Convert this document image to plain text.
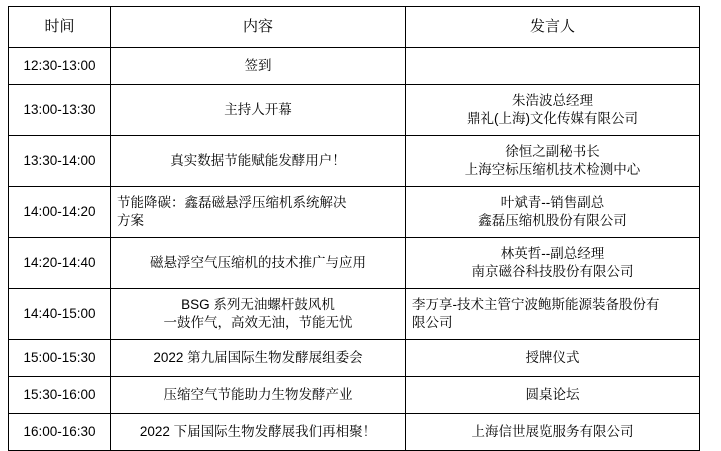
时间	内容	发言人
12:30-13:00	签到	

13:00-13:30	主持人开幕	朱浩波总经理
鼎礼(上海)文化传媒有限公司

13:30-14:00	真实数据节能赋能发酵用户！	徐恒之副秘书长
上海空标压缩机技术检测中心

14:00-14:20	节能降碳：鑫磊磁悬浮压缩机系统解决
方案	叶斌青--销售副总
鑫磊压缩机股份有限公司

14:20-14:40	磁悬浮空气压缩机的技术推广与应用	林英哲--副总经理
南京磁谷科技股份有限公司

14:40-15:00	BSG 系列无油螺杆鼓风机
一鼓作气，高效无油，节能无忧	李万享-技术主管宁波鲍斯能源装备股份有
限公司

15:00-15:30	2022 第九届国际生物发酵展组委会	授牌仪式

15:30-16:00	压缩空气节能助力生物发酵产业	圆桌论坛

16:00-16:30	2022 下届国际生物发酵展我们再相聚！	上海信世展览服务有限公司
